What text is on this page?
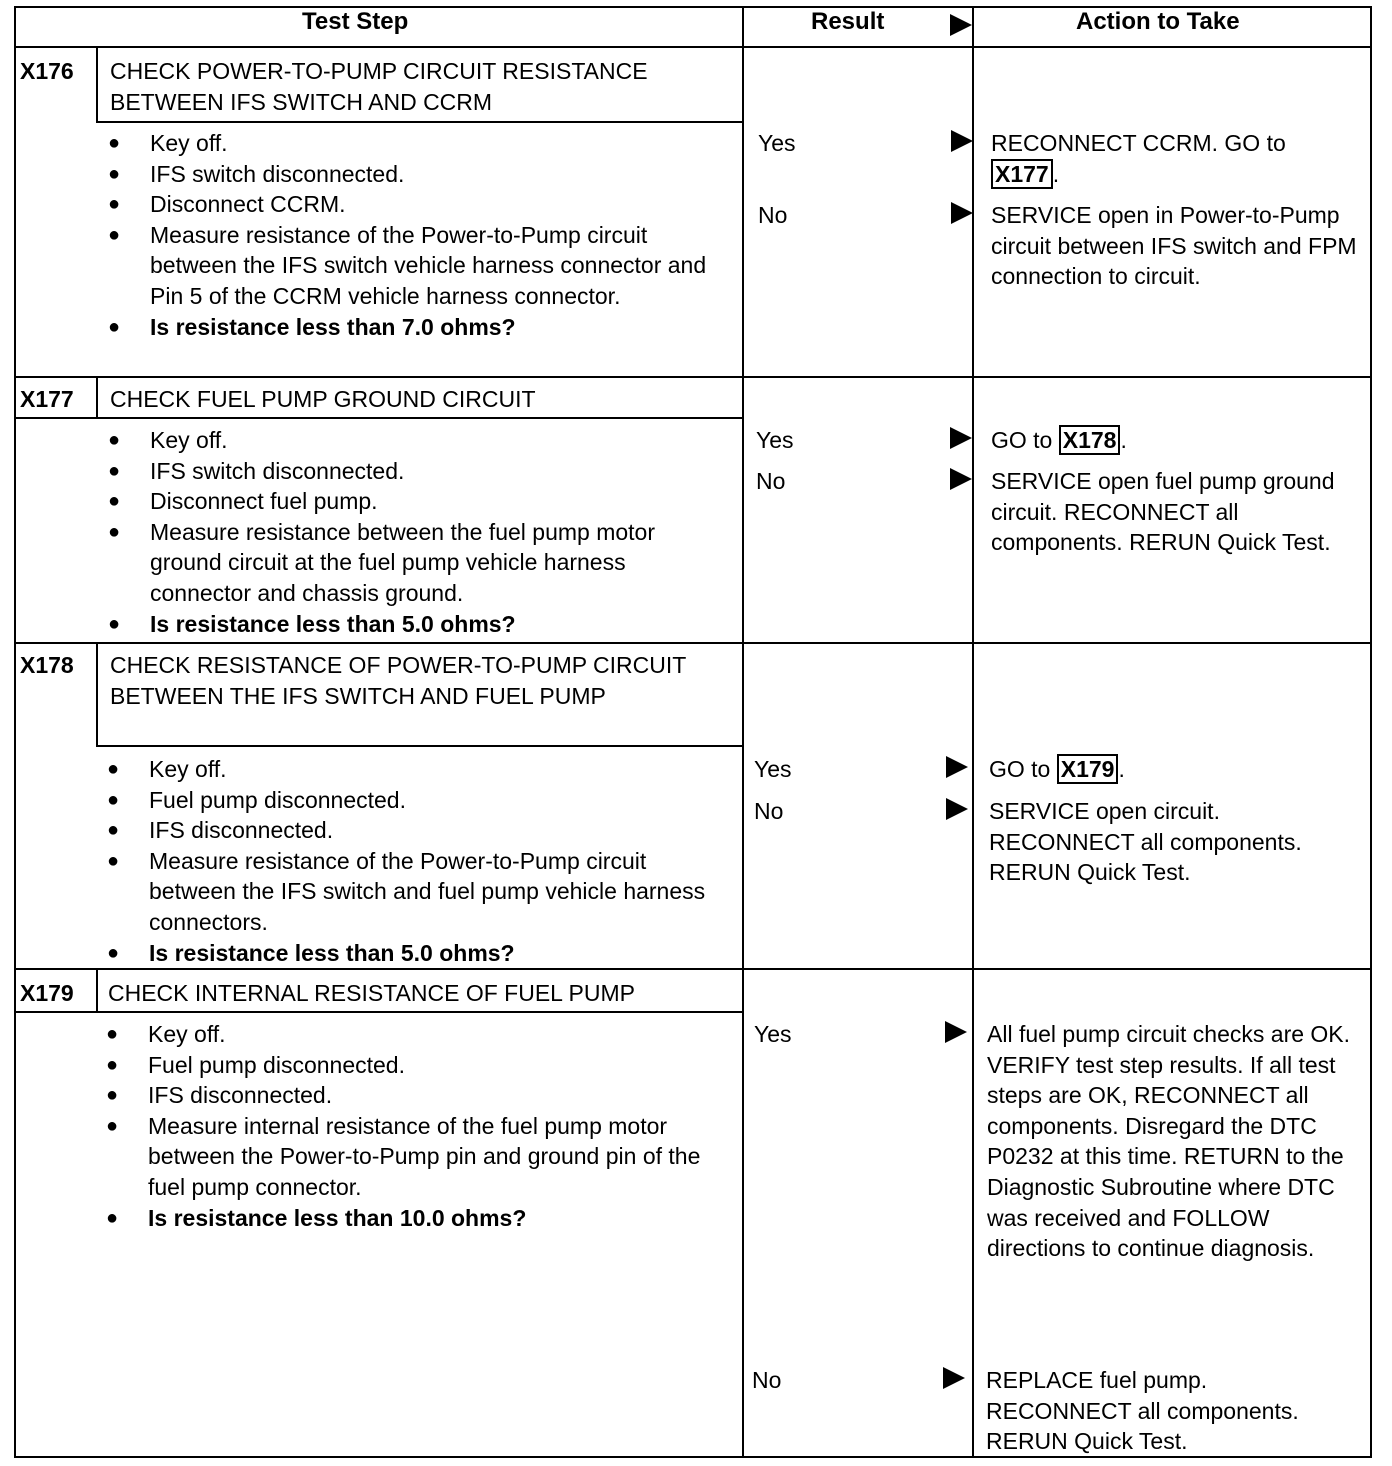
Test Step	Result	Action to Take
X176 CHECK POWER-TO-PUMP CIRCUIT RESISTANCE BETWEEN IFS SWITCH AND CCRM
● Key off.
● IFS switch disconnected.
● Disconnect CCRM.
● Measure resistance of the Power-to-Pump circuit between the IFS switch vehicle harness connector and Pin 5 of the CCRM vehicle harness connector.
● Is resistance less than 7.0 ohms?
Yes	RECONNECT CCRM. GO to X177 .
No	SERVICE open in Power-to-Pump circuit between IFS switch and FPM connection to circuit.
X177 CHECK FUEL PUMP GROUND CIRCUIT
● Key off.
● IFS switch disconnected.
● Disconnect fuel pump.
● Measure resistance between the fuel pump motor ground circuit at the fuel pump vehicle harness connector and chassis ground.
● Is resistance less than 5.0 ohms?
Yes	GO to X178 .
No	SERVICE open fuel pump ground circuit. RECONNECT all components. RERUN Quick Test.
X178 CHECK RESISTANCE OF POWER-TO-PUMP CIRCUIT BETWEEN THE IFS SWITCH AND FUEL PUMP
● Key off.
● Fuel pump disconnected.
● IFS disconnected.
● Measure resistance of the Power-to-Pump circuit between the IFS switch and fuel pump vehicle harness connectors.
● Is resistance less than 5.0 ohms?
Yes	GO to X179 .
No	SERVICE open circuit. RECONNECT all components. RERUN Quick Test.
X179 CHECK INTERNAL RESISTANCE OF FUEL PUMP
● Key off.
● Fuel pump disconnected.
● IFS disconnected.
● Measure internal resistance of the fuel pump motor between the Power-to-Pump pin and ground pin of the fuel pump connector.
● Is resistance less than 10.0 ohms?
Yes	All fuel pump circuit checks are OK. VERIFY test step results. If all test steps are OK, RECONNECT all components. Disregard the DTC P0232 at this time. RETURN to the Diagnostic Subroutine where DTC was received and FOLLOW directions to continue diagnosis.
No	REPLACE fuel pump. RECONNECT all components. RERUN Quick Test.
